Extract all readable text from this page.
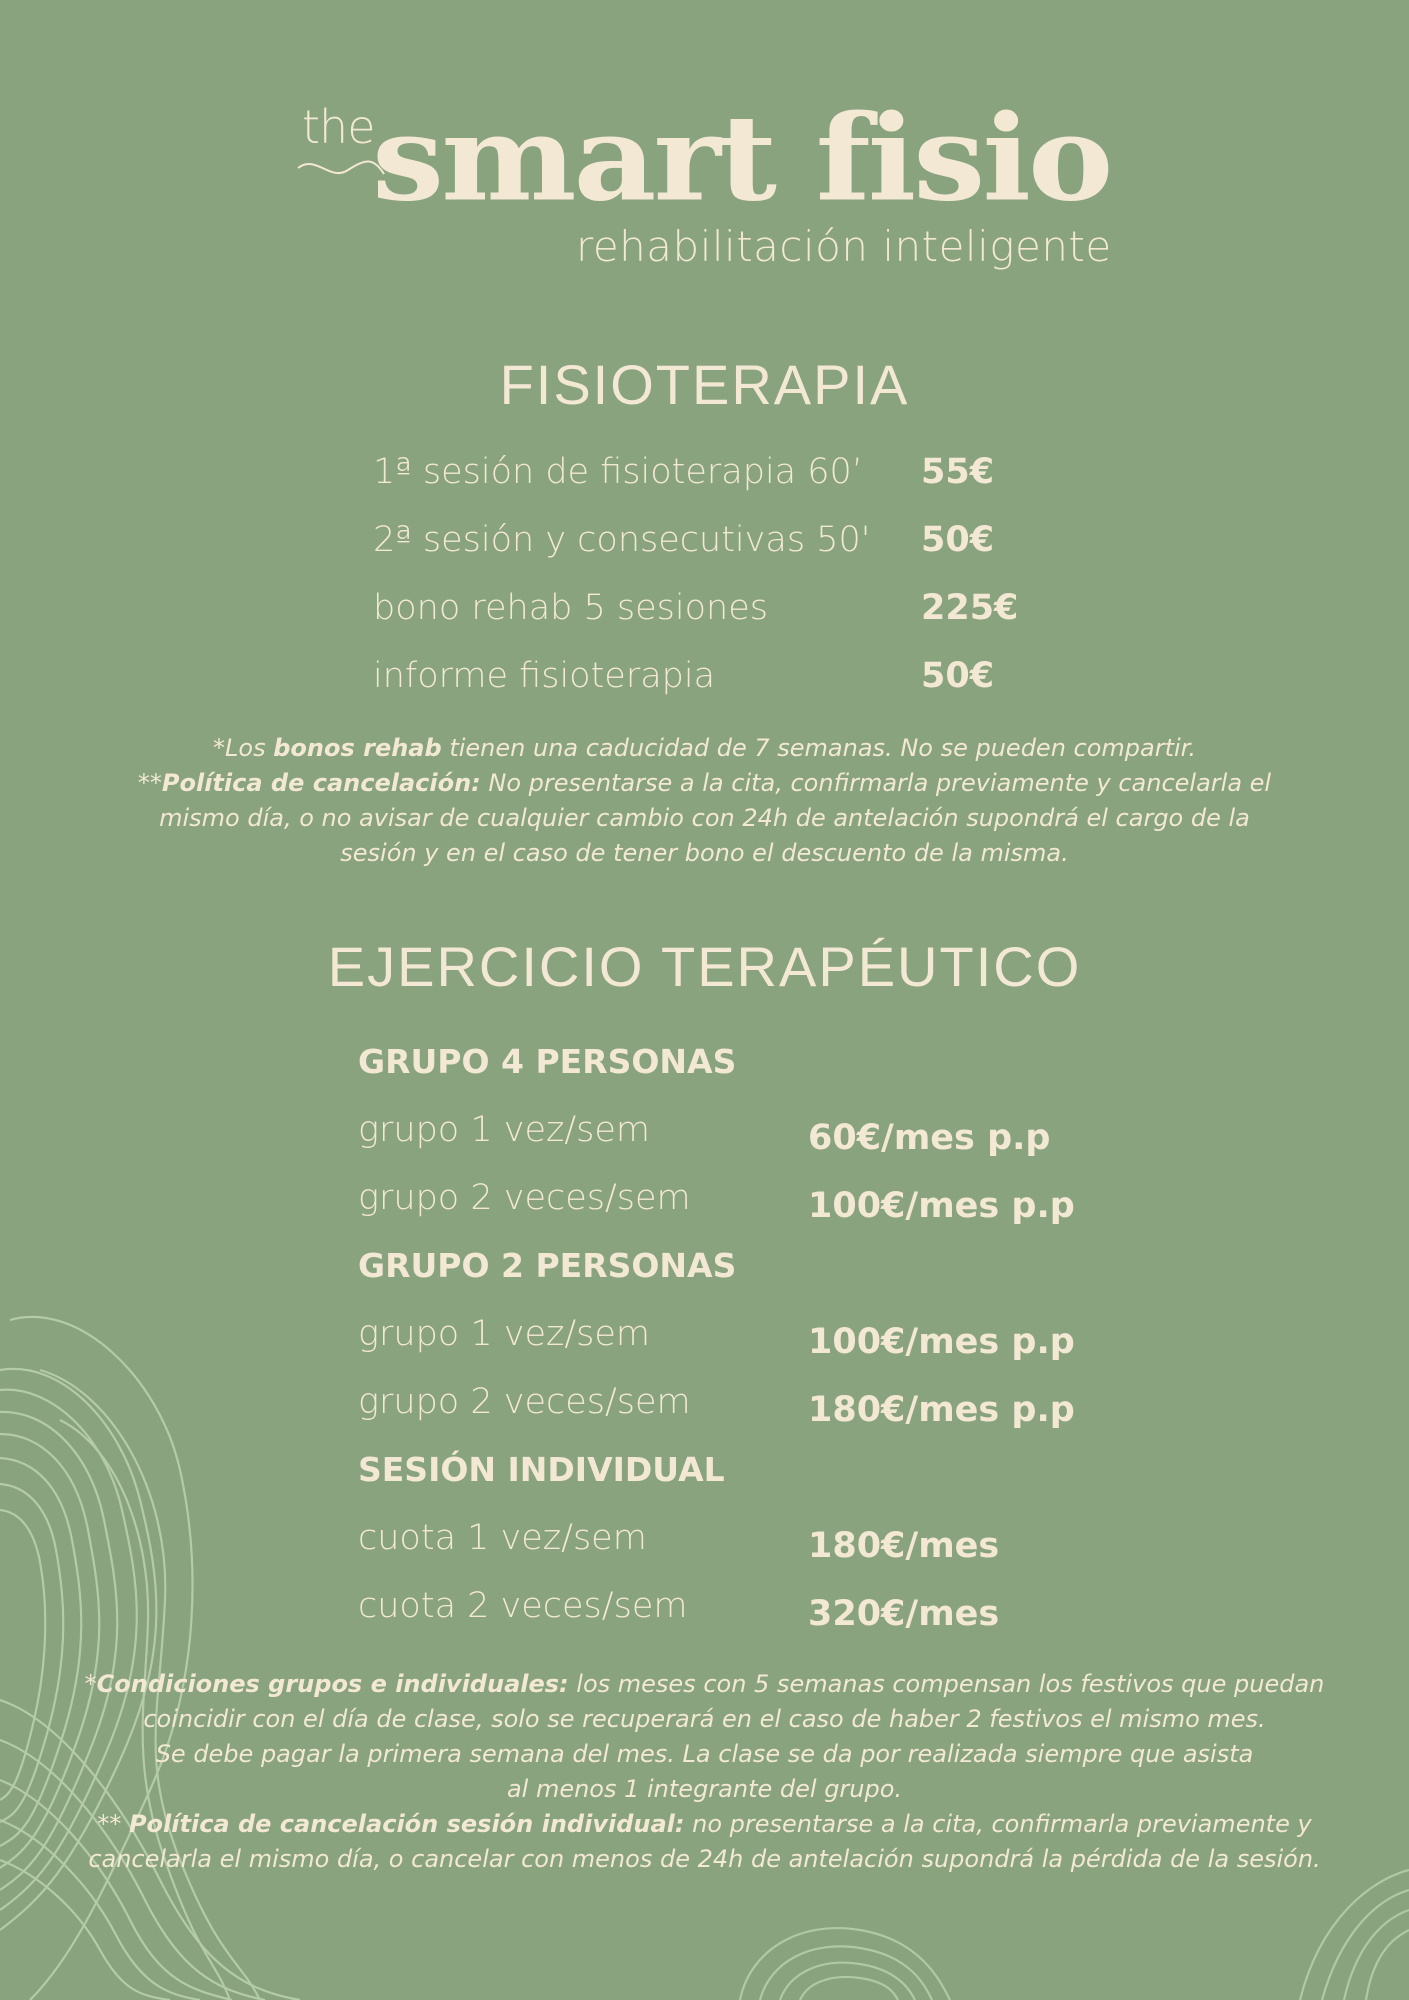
the
smart fisio
rehabilitación inteligente
FISIOTERAPIA
1ª sesión de fisioterapia 60’ 55€
2ª sesión y consecutivas 50' 50€
bono rehab 5 sesiones	225€
informe fisioterapia	50€
*Los bonos rehab tienen una caducidad de 7 semanas. No se pueden compartir.
**Política de cancelación: No presentarse a la cita, confirmarla previamente y cancelarla el
mismo día, o no avisar de cualquier cambio con 24h de antelación supondrá el cargo de la
sesión y en el caso de tener bono el descuento de la misma.
EJERCICIO TERAPÉUTICO
GRUPO 4 PERSONAS
grupo 1 vez/sem	60€/mes p.p
grupo 2 veces/sem	100€/mes p.p
GRUPO 2 PERSONAS
grupo 1 vez/sem	100€/mes p.p
grupo 2 veces/sem	180€/mes p.p
SESIÓN INDIVIDUAL
cuota 1 vez/sem	180€/mes
cuota 2 veces/sem	320€/mes
*Condiciones grupos e individuales: los meses con 5 semanas compensan los festivos que puedan
coincidir con el día de clase, solo se recuperará en el caso de haber 2 festivos el mismo mes.
Se debe pagar la primera semana del mes. La clase se da por realizada siempre que asista
al menos 1 integrante del grupo.
** Política de cancelación sesión individual: no presentarse a la cita, confirmarla previamente y
cancelarla el mismo día, o cancelar con menos de 24h de antelación supondrá la pérdida de la sesión.
